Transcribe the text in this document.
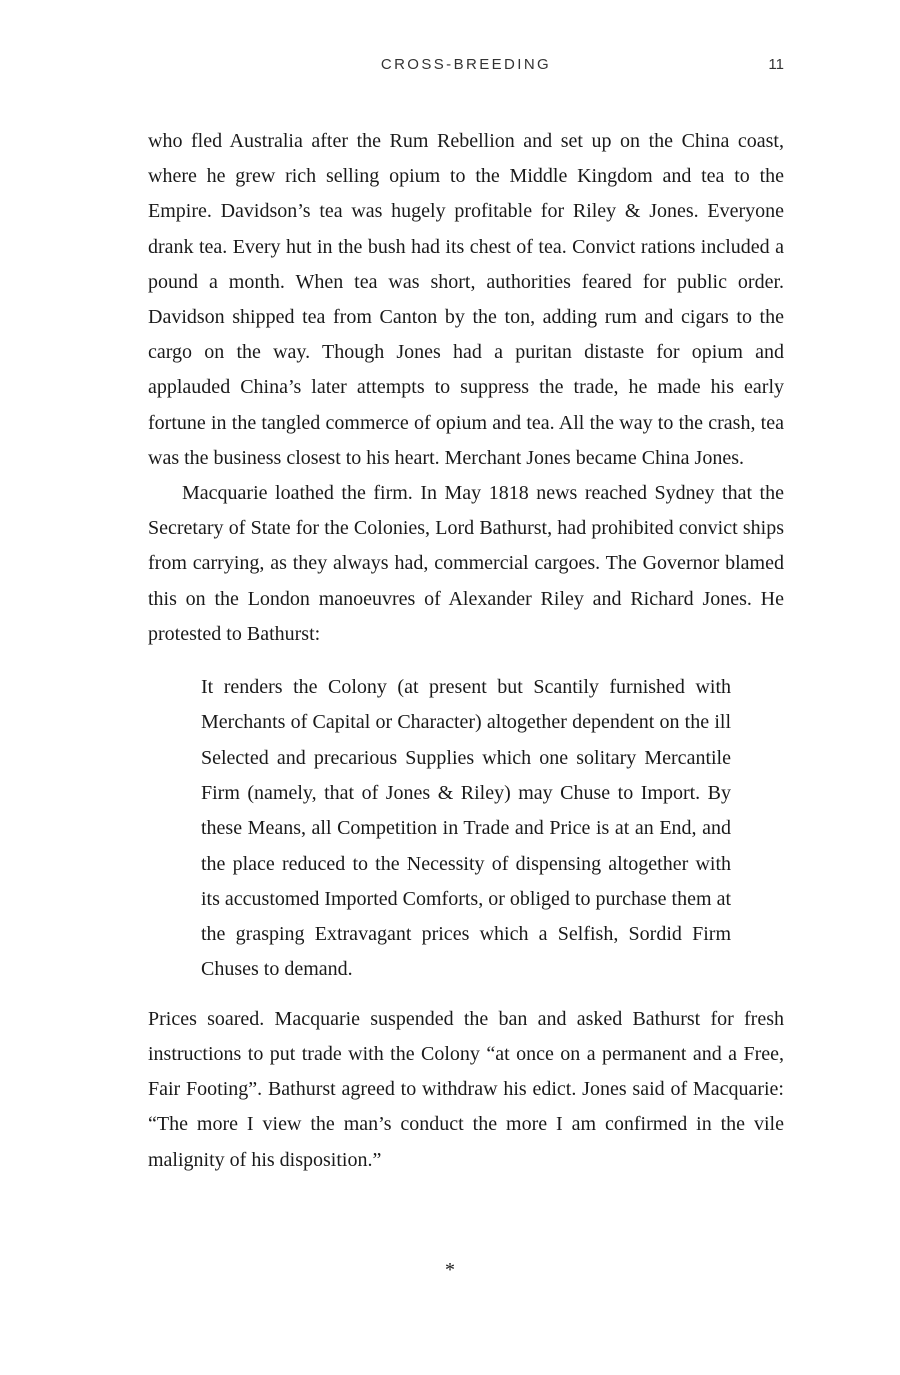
CROSS-BREEDING	11

who fled Australia after the Rum Rebellion and set up on the China coast, where he grew rich selling opium to the Middle Kingdom and tea to the Empire. Davidson’s tea was hugely profitable for Riley & Jones. Everyone drank tea. Every hut in the bush had its chest of tea. Convict rations included a pound a month. When tea was short, authorities feared for public order. Davidson shipped tea from Canton by the ton, adding rum and cigars to the cargo on the way. Though Jones had a puritan distaste for opium and applauded China’s later attempts to suppress the trade, he made his early fortune in the tangled commerce of opium and tea. All the way to the crash, tea was the business closest to his heart. Merchant Jones became China Jones.

Macquarie loathed the firm. In May 1818 news reached Sydney that the Secretary of State for the Colonies, Lord Bathurst, had prohibited convict ships from carrying, as they always had, commercial cargoes. The Governor blamed this on the London manoeuvres of Alexander Riley and Richard Jones. He protested to Bathurst:

It renders the Colony (at present but Scantily furnished with Merchants of Capital or Character) altogether dependent on the ill Selected and precarious Supplies which one solitary Mercantile Firm (namely, that of Jones & Riley) may Chuse to Import. By these Means, all Competition in Trade and Price is at an End, and the place reduced to the Necessity of dispensing altogether with its accustomed Imported Comforts, or obliged to purchase them at the grasping Extravagant prices which a Selfish, Sordid Firm Chuses to demand.

Prices soared. Macquarie suspended the ban and asked Bathurst for fresh instructions to put trade with the Colony “at once on a permanent and a Free, Fair Footing”. Bathurst agreed to withdraw his edict. Jones said of Macquarie: “The more I view the man’s conduct the more I am confirmed in the vile malignity of his disposition.”

*
